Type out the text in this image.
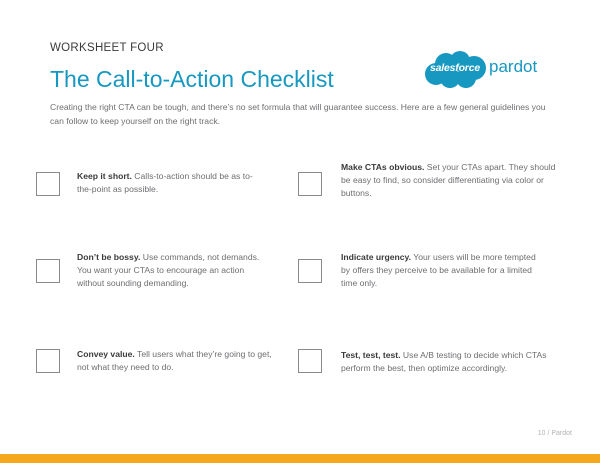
WORKSHEET FOUR
The Call-to-Action Checklist	salesforce pardot
Creating the right CTA can be tough, and there’s no set formula that will guarantee success. Here are a few general guidelines you can follow to keep yourself on the right track.
Keep it short. Calls-to-action should be as to-the-point as possible.
Make CTAs obvious. Set your CTAs apart. They should be easy to find, so consider differentiating via color or buttons.
Don’t be bossy. Use commands, not demands. You want your CTAs to encourage an action without sounding demanding.
Indicate urgency. Your users will be more tempted by offers they perceive to be available for a limited time only.
Convey value. Tell users what they’re going to get, not what they need to do.
Test, test, test. Use A/B testing to decide which CTAs perform the best, then optimize accordingly.
10 / Pardot
